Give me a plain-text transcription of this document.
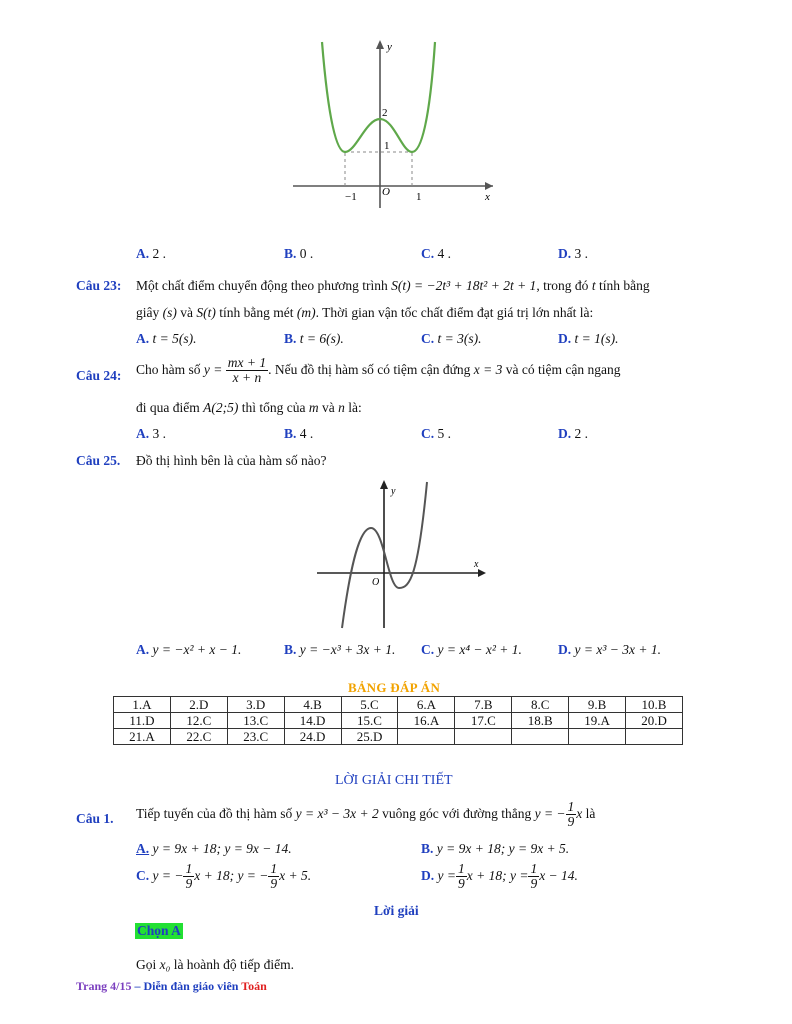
y
2
1
−1 O 1	x
A. 2 .	B. 0 .	C. 4 .	D. 3 .
Câu 23: Một chất điểm chuyển động theo phương trình S(t) = −2t³ + 18t² + 2t + 1, trong đó t tính bằng
giây (s) và S(t) tính bằng mét (m). Thời gian vận tốc chất điểm đạt giá trị lớn nhất là:
A. t = 5(s).	B. t = 6(s).	C. t = 3(s).	D. t = 1(s).
Câu 24: Cho hàm số $y = \frac{mx + 1}{x + n}$ . Nếu đồ thị hàm số có tiệm cận đứng x = 3 và có tiệm cận ngang
đi qua điểm A(2;5) thì tổng của m và n là:
A. 3 .	B. 4 .	C. 5 .	D. 2 .
Câu 25. Đồ thị hình bên là của hàm số nào?
y
x
O
A. y = −x² + x − 1.	B. y = −x³ + 3x + 1. C. y = x⁴ − x² + 1.	D. y = x³ − 3x + 1.
BẢNG ĐÁP ÁN
1.A	2.D	3.D	4.B	5.C	6.A	7.B	8.C	9.B	10.B
11.D	12.C	13.C	14.D	15.C	16.A	17.C	18.B	19.A	20.D
21.A	22.C	23.C	24.D	25.D					
LỜI GIẢI CHI TIẾT
Câu 1. Tiếp tuyến của đồ thị hàm số y = x³ − 3x + 2 vuông góc với đường thẳng y = − $\frac{1}{9}$ x là
A. y = 9x + 18; y = 9x − 14.	B. y = 9x + 18; y = 9x + 5.
C. y = − $\frac{1}{9}$ x + 18; y = − $\frac{1}{9}$ x + 5.	D. $y = \frac{1}{9}$ x + 18; $y = \frac{1}{9}$ x − 14.
Lời giải
Chọn A
Gọi x₀ là hoành độ tiếp điểm.
Trang 4/15 – Diễn đàn giáo viên Toán
